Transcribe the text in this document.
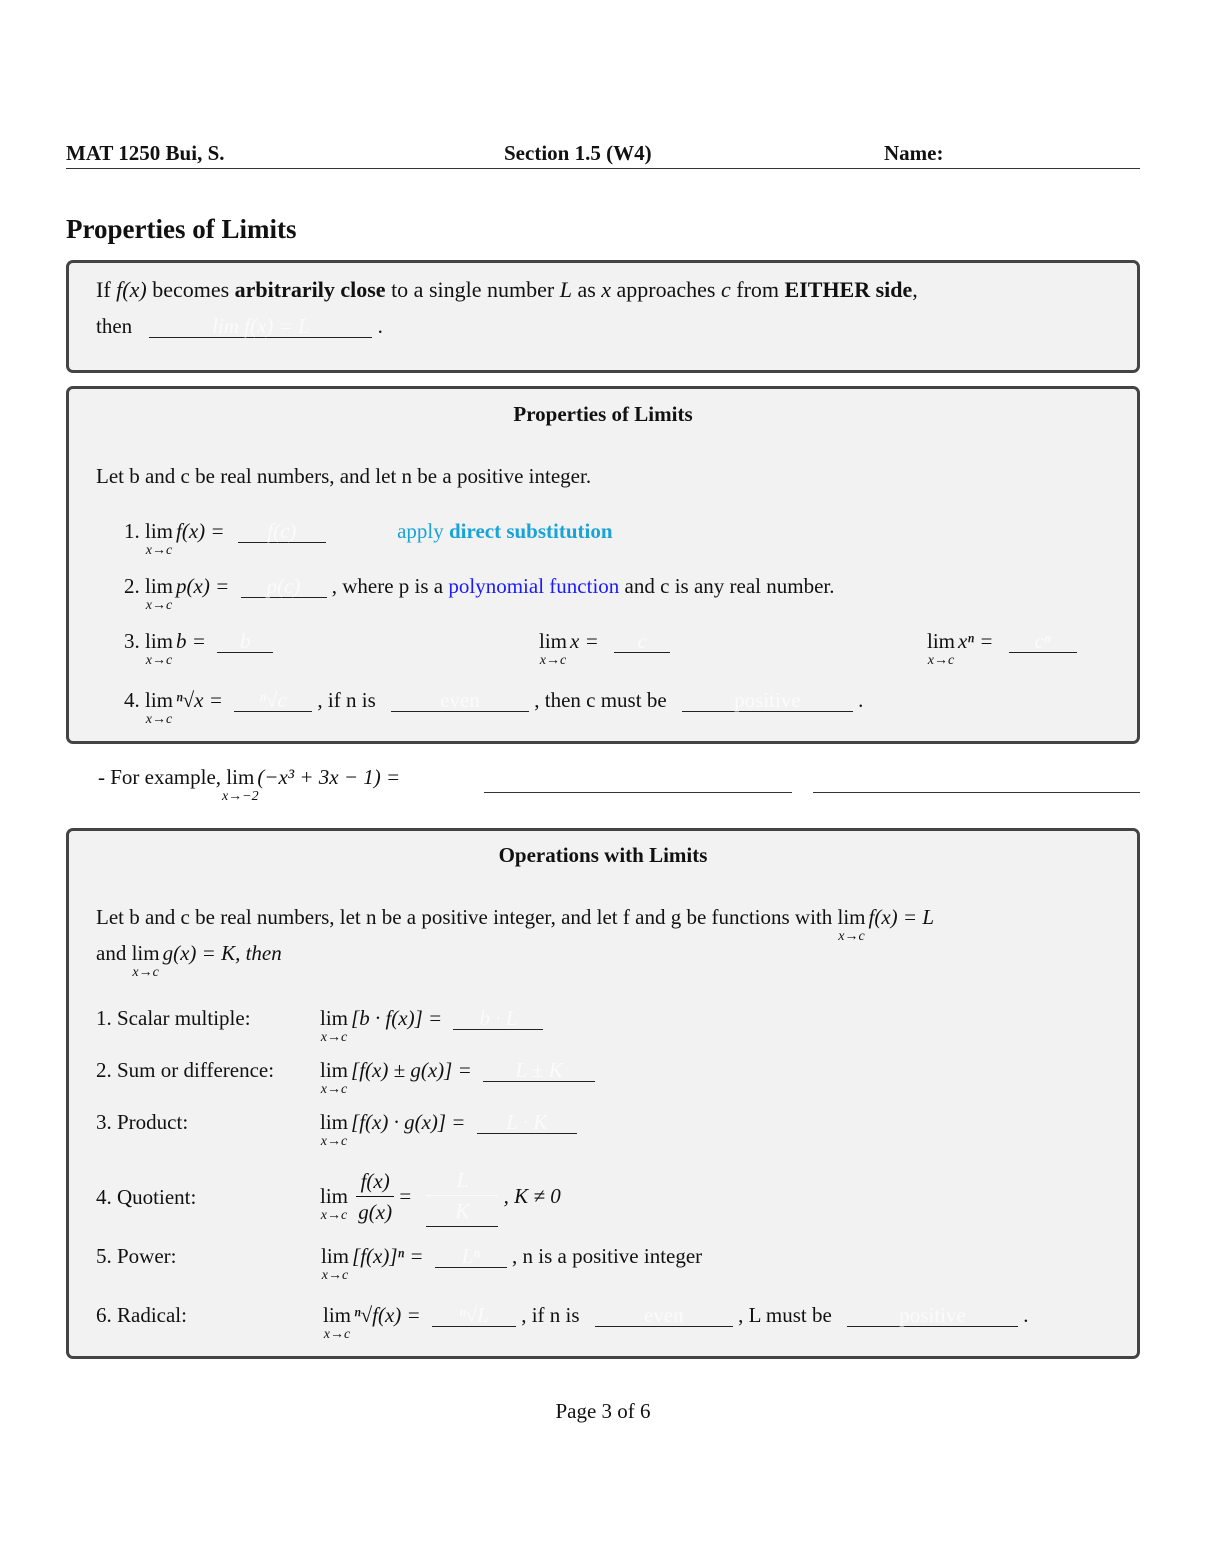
MAT 1250 Bui, S.	Section 1.5 (W4)	Name:
Properties of Limits
If f(x) becomes arbitrarily close to a single number L as x approaches c from EITHER side,
then	lim f(x) = L	.
Properties of Limits
Let b and c be real numbers, and let n be a positive integer.
1. lim
x→c
f(x) = f(c)	apply direct substitution
2. lim
x→c
p(x) = p(c) , where p is a polynomial function and c is any real number.
3. lim
x→c
b = b	lim
x→c
x = c	lim
x→c
xⁿ = cⁿ
4. lim
x→c
ⁿ√x = ⁿ√c , if n is	even	, then c must be	positive	.
- For example, lim
x→−2
(−x³ + 3x − 1) =
Operations with Limits
Let b and c be real numbers, let n be a positive integer, and let f and g be functions with lim
x→c
f(x) = L
and lim
x→c
g(x) = K, then
1. Scalar multiple:	lim
x→c
[b · f(x)] = b · L
2. Sum or difference: lim
x→c
[f(x) ± g(x)] = L ± K
3. Product:	lim
x→c
[f(x) · g(x)] = L · K
4. Quotient:	lim
x→c
$\frac{f(x)}{g(x)} = \frac{L}{K}$ , K ≠ 0
5. Power:	lim
x→c
[f(x)]ⁿ = Lⁿ , n is a positive integer
6. Radical:	lim
x→c
ⁿ√f(x) = ⁿ√L , if n is	even	, L must be	positive	.
Page 3 of 6
